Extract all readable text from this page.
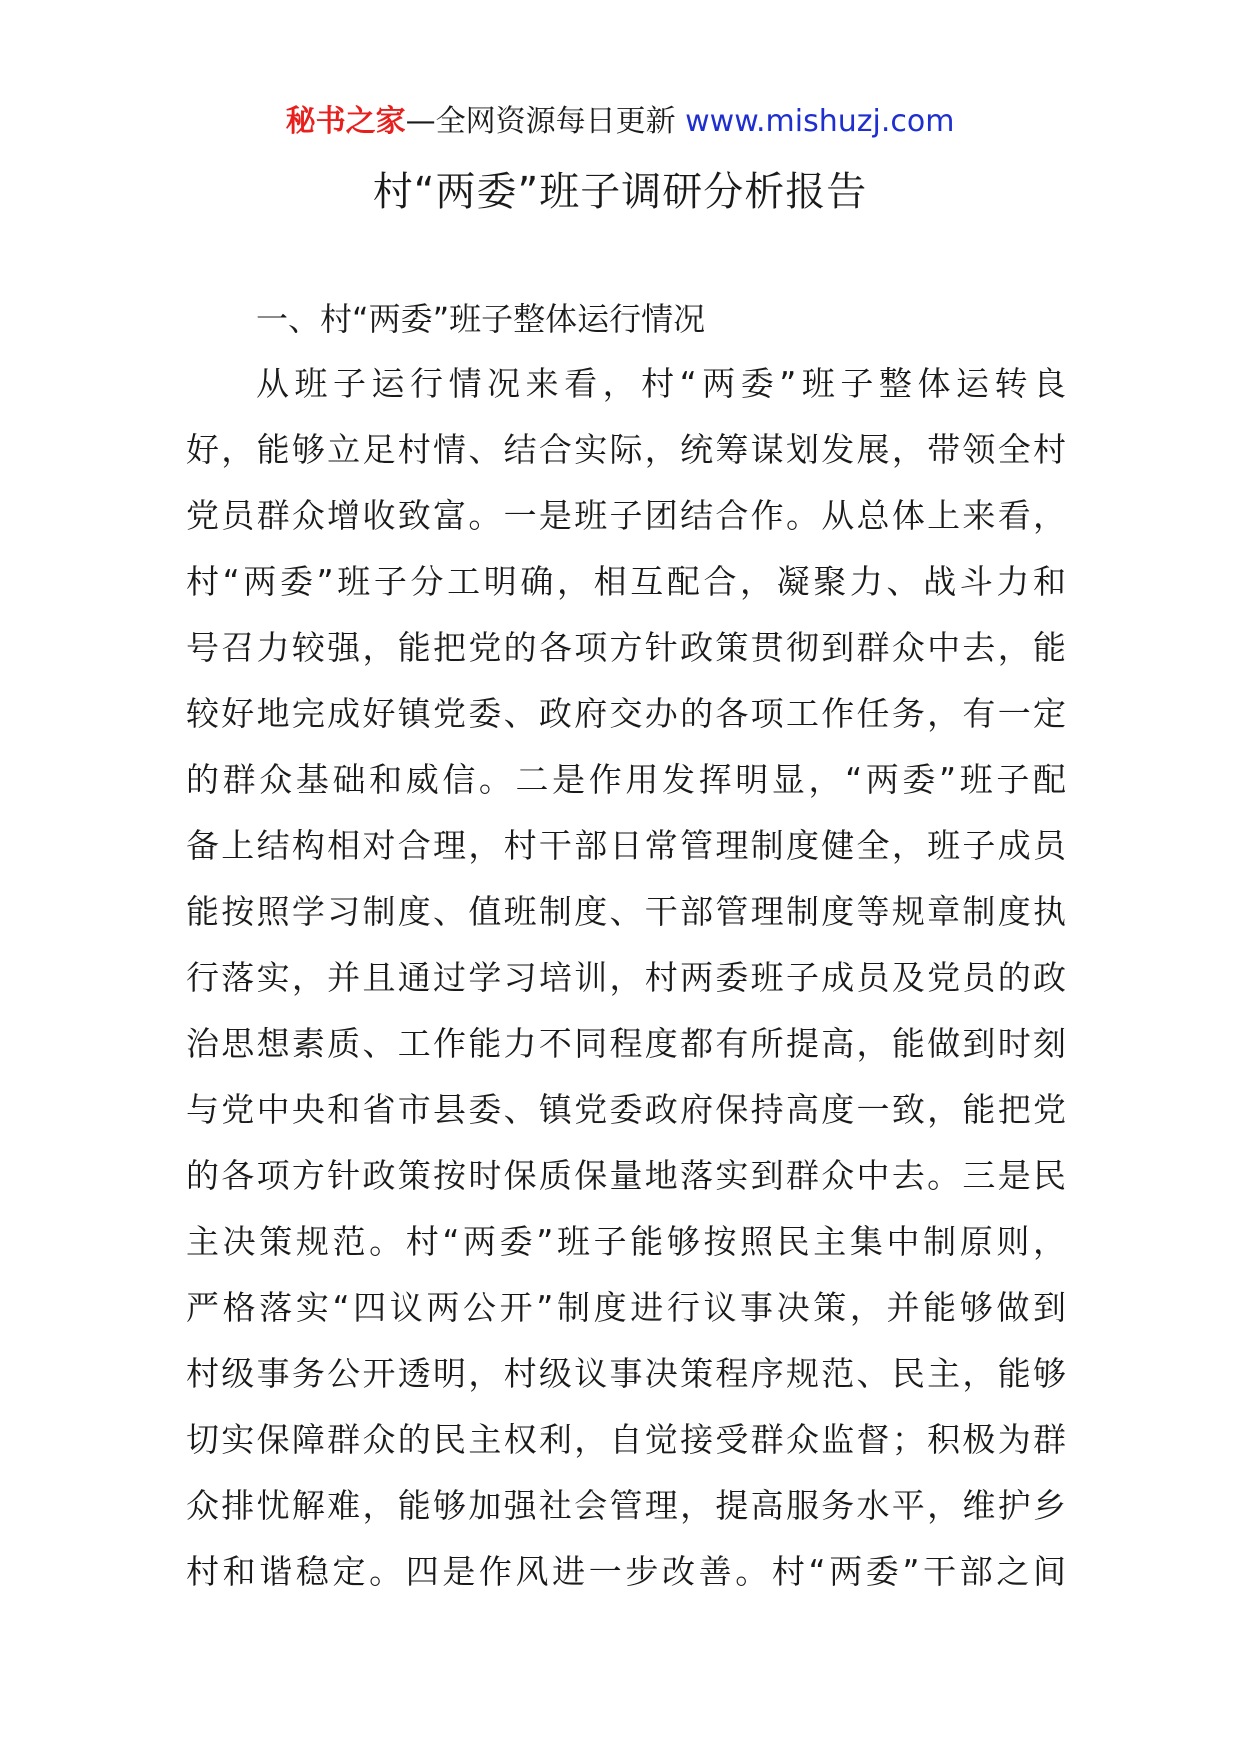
秘书之家—全网资源每日更新 www.mishuzj.com
村“两委”班子调研分析报告
一、村“两委”班子整体运行情况
从班子运行情况来看，村“两委”班子整体运转良
好，能够立足村情、结合实际，统筹谋划发展，带领全村
党员群众增收致富。一是班子团结合作。从总体上来看，
村“两委”班子分工明确，相互配合，凝聚力、战斗力和
号召力较强，能把党的各项方针政策贯彻到群众中去，能
较好地完成好镇党委、政府交办的各项工作任务，有一定
的群众基础和威信。二是作用发挥明显，“两委”班子配
备上结构相对合理，村干部日常管理制度健全，班子成员
能按照学习制度、值班制度、干部管理制度等规章制度执
行落实，并且通过学习培训，村两委班子成员及党员的政
治思想素质、工作能力不同程度都有所提高，能做到时刻
与党中央和省市县委、镇党委政府保持高度一致，能把党
的各项方针政策按时保质保量地落实到群众中去。三是民
主决策规范。村“两委”班子能够按照民主集中制原则，
严格落实“四议两公开”制度进行议事决策，并能够做到
村级事务公开透明，村级议事决策程序规范、民主，能够
切实保障群众的民主权利，自觉接受群众监督；积极为群
众排忧解难，能够加强社会管理，提高服务水平，维护乡
村和谐稳定。四是作风进一步改善。村“两委”干部之间
